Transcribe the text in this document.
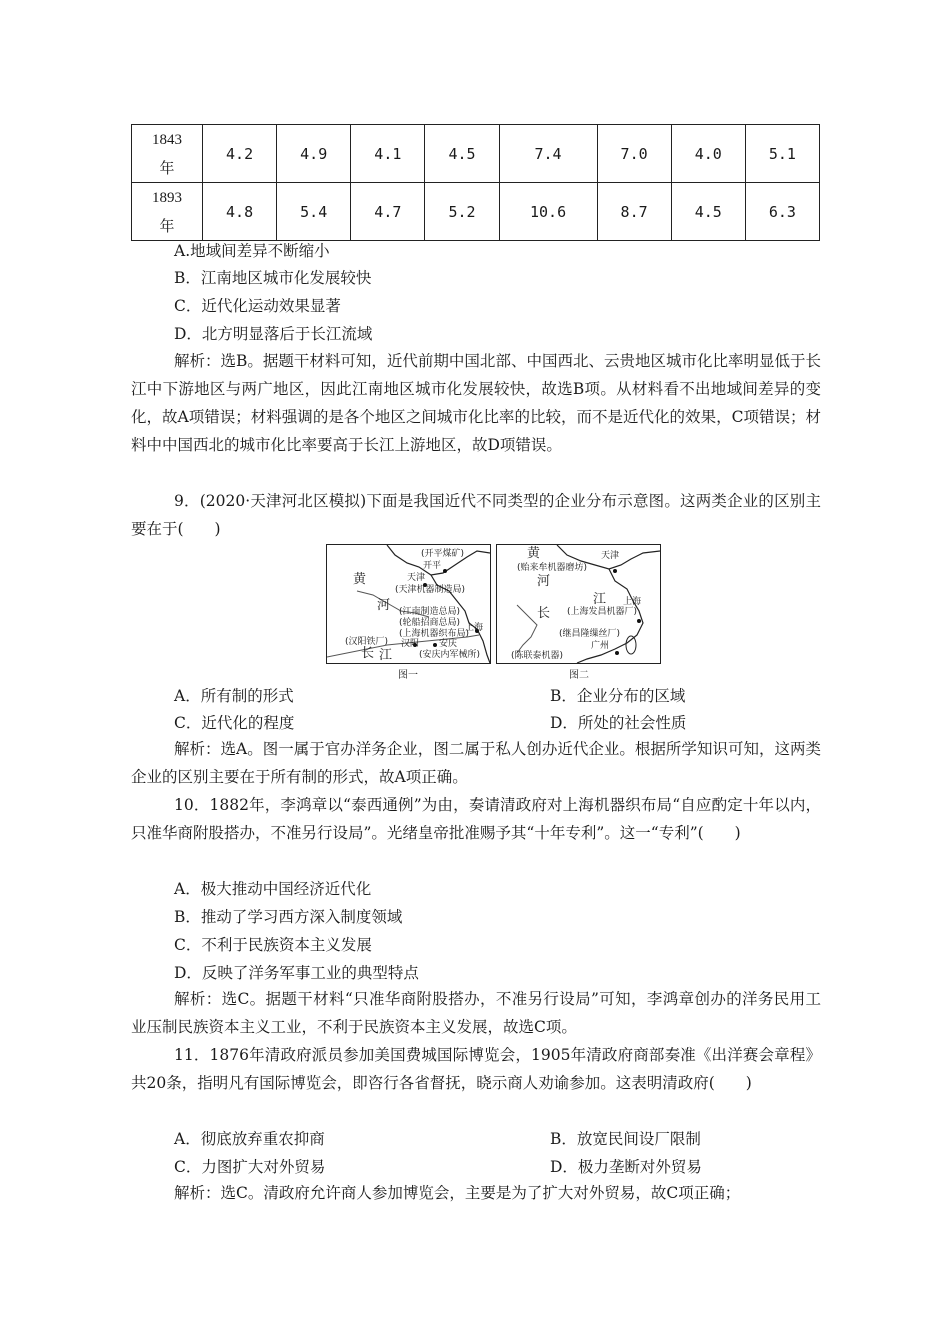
1843
年	4.2	4.9	4.1	4.5	7.4	7.0	4.0	5.1

1893
年	4.8	5.4	4.7	5.2	10.6	8.7	4.5	6.3
A.地域间差异不断缩小
B．江南地区城市化发展较快
C．近代化运动效果显著
D．北方明显落后于长江流域
解析：选B。据题干材料可知，近代前期中国北部、中国西北、云贵地区城市化比率明显低于长江中下游地区与两广地区，因此江南地区城市化发展较快，故选B项。从材料看不出地域间差异的变化，故A项错误；材料强调的是各个地区之间城市化比率的比较，而不是近代化的效果，C项错误；材料中中国西北的城市化比率要高于长江上游地区，故D项错误。
9．(2020·天津河北区模拟)下面是我国近代不同类型的企业分布示意图。这两类企业的区别主要在于(　　)
(开平煤矿)
开平
黄	天津
(天津机器制造局)
河 (江南制造总局)
(轮船招商总局)
(上海机器织布局)
上海
(汉阳铁厂) 汉阳 安庆
(安庆内军械所)
长 江
黄	天津
(贻来牟机器磨坊)
河
长
江 上海
(上海发昌机器厂)
(继昌隆缫丝厂)
广州
(陈联泰机器)
图一	图二
A．所有制的形式	B．企业分布的区域
C．近代化的程度	D．所处的社会性质
解析：选A。图一属于官办洋务企业，图二属于私人创办近代企业。根据所学知识可知，这两类企业的区别主要在于所有制的形式，故A项正确。
10．1882年，李鸿章以“泰西通例”为由，奏请清政府对上海机器织布局“自应酌定十年以内，只准华商附股搭办，不准另行设局”。光绪皇帝批准赐予其“十年专利”。这一“专利”(　　)
A．极大推动中国经济近代化
B．推动了学习西方深入制度领域
C．不利于民族资本主义发展
D．反映了洋务军事工业的典型特点
解析：选C。据题干材料“只准华商附股搭办，不准另行设局”可知，李鸿章创办的洋务民用工业压制民族资本主义工业，不利于民族资本主义发展，故选C项。
11．1876年清政府派员参加美国费城国际博览会，1905年清政府商部奏准《出洋赛会章程》共20条，指明凡有国际博览会，即咨行各省督抚，晓示商人劝谕参加。这表明清政府(　　)
A．彻底放弃重农抑商	B．放宽民间设厂限制
C．力图扩大对外贸易	D．极力垄断对外贸易
解析：选C。清政府允许商人参加博览会，主要是为了扩大对外贸易，故C项正确；
